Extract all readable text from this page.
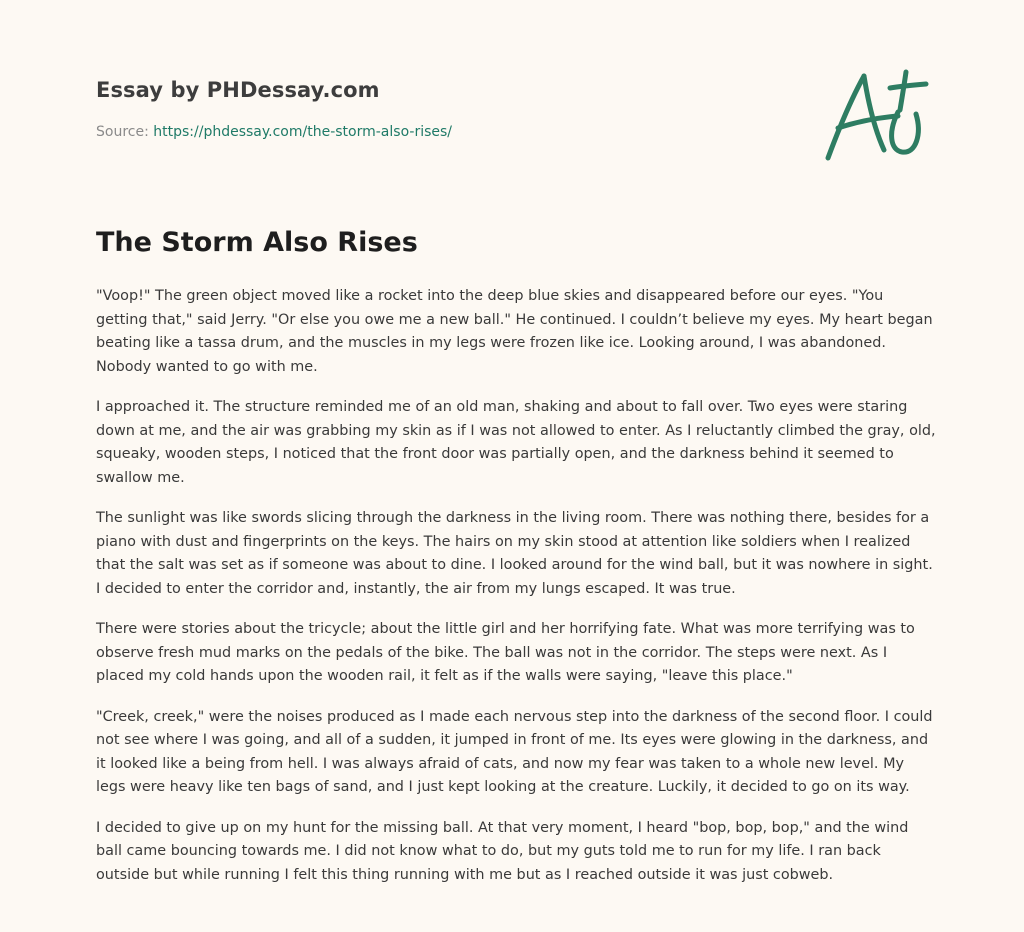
Essay by PHDessay.com

Source: https://phdessay.com/the-storm-also-rises/

The Storm Also Rises

"Voop!" The green object moved like a rocket into the deep blue skies and disappeared before our eyes. "You getting that," said Jerry. "Or else you owe me a new ball." He continued. I couldn’t believe my eyes. My heart began beating like a tassa drum, and the muscles in my legs were frozen like ice. Looking around, I was abandoned. Nobody wanted to go with me.

I approached it. The structure reminded me of an old man, shaking and about to fall over. Two eyes were staring down at me, and the air was grabbing my skin as if I was not allowed to enter. As I reluctantly climbed the gray, old, squeaky, wooden steps, I noticed that the front door was partially open, and the darkness behind it seemed to swallow me.

The sunlight was like swords slicing through the darkness in the living room. There was nothing there, besides for a piano with dust and fingerprints on the keys. The hairs on my skin stood at attention like soldiers when I realized that the salt was set as if someone was about to dine. I looked around for the wind ball, but it was nowhere in sight. I decided to enter the corridor and, instantly, the air from my lungs escaped. It was true.

There were stories about the tricycle; about the little girl and her horrifying fate. What was more terrifying was to observe fresh mud marks on the pedals of the bike. The ball was not in the corridor. The steps were next. As I placed my cold hands upon the wooden rail, it felt as if the walls were saying, "leave this place."

"Creek, creek," were the noises produced as I made each nervous step into the darkness of the second floor. I could not see where I was going, and all of a sudden, it jumped in front of me. Its eyes were glowing in the darkness, and it looked like a being from hell. I was always afraid of cats, and now my fear was taken to a whole new level. My legs were heavy like ten bags of sand, and I just kept looking at the creature. Luckily, it decided to go on its way.

I decided to give up on my hunt for the missing ball. At that very moment, I heard "bop, bop, bop," and the wind ball came bouncing towards me. I did not know what to do, but my guts told me to run for my life. I ran back outside but while running I felt this thing running with me but as I reached outside it was just cobweb.
